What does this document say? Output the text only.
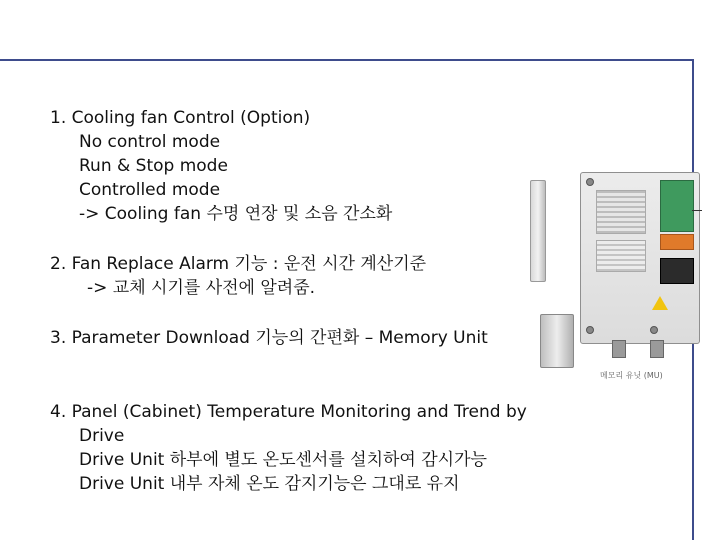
메모리 유닛 (MU)
1. Cooling fan Control (Option)
No control mode
Run & Stop mode
Controlled mode
-> Cooling fan 수명 연장 및 소음 간소화
2. Fan Replace Alarm 기능 : 운전 시간 계산기준
-> 교체 시기를 사전에 알려줌.
3. Parameter Download 기능의 간편화 – Memory Unit
4. Panel (Cabinet) Temperature Monitoring and Trend by
Drive
Drive Unit 하부에 별도 온도센서를 설치하여 감시가능
Drive Unit 내부 자체 온도 감지기능은 그대로 유지
